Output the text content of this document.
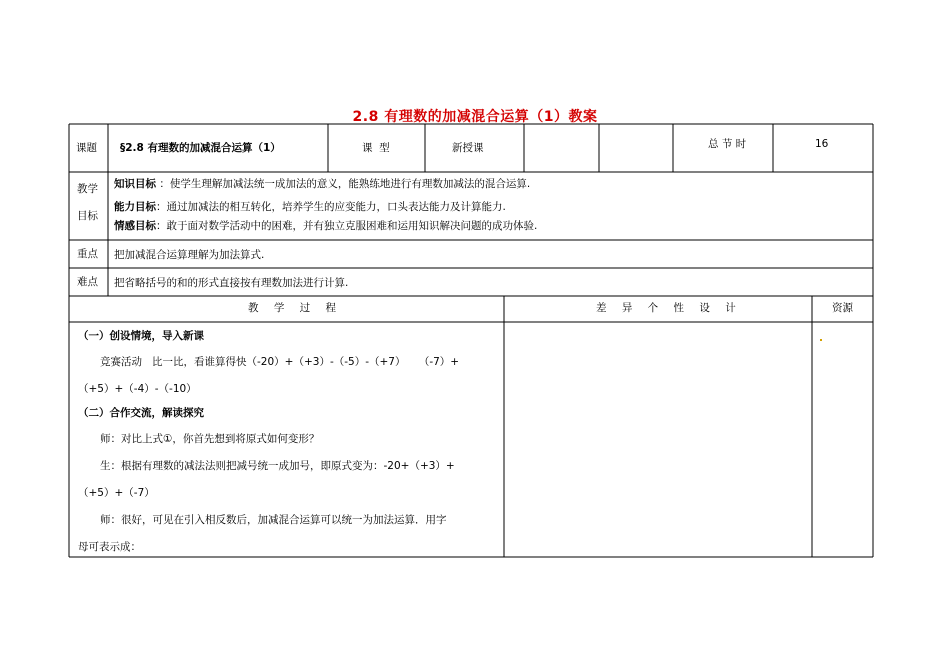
2.8 有理数的加减混合运算（1）教案
课题 §2.8 有理数的加减混合运算（1）	课  型	新授课	总 节 时	16
教学
目标
知识目标 ：使学生理解加减法统一成加法的意义，能熟练地进行有理数加减法的混合运算.
能力目标：通过加减法的相互转化，培养学生的应变能力，口头表达能力及计算能力.
情感目标：敢于面对数学活动中的困难，并有独立克服困难和运用知识解决问题的成功体验.
重点 把加减混合运算理解为加法算式.
难点 把省略括号的和的形式直接按有理数加法进行计算.
教 学 过 程	差 异 个 性 设 计	资源
（一）创设情境，导入新课
竞赛活动   比一比，看谁算得快（-20）+（+3）-（-5）-（+7）    （-7）+
（+5）+（-4）-（-10）
（二）合作交流，解读探究
师：对比上式①，你首先想到将原式如何变形？
生：根据有理数的减法法则把减号统一成加号，即原式变为：-20+（+3）+
（+5）+（-7）
师：很好，可见在引入相反数后，加减混合运算可以统一为加法运算．用字
母可表示成：
